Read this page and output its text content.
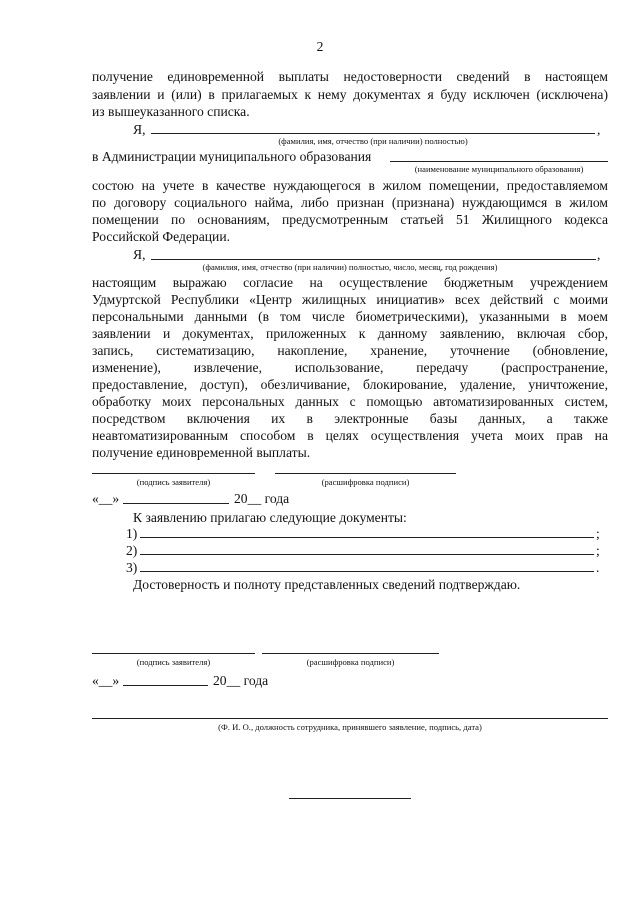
2
получение единовременной выплаты недостоверности сведений в настоящем
заявлении и (или) в прилагаемых к нему документах я буду исключен (исключена)
из вышеуказанного списка.
Я,	,
(фамилия, имя, отчество (при наличии) полностью)
в Администрации муниципального образования
(наименование муниципального образования)
состою на учете в качестве нуждающегося в жилом помещении, предоставляемом
по договору социального найма, либо признан (признана) нуждающимся в жилом
помещении по основаниям, предусмотренным статьей 51 Жилищного кодекса
Российской Федерации.
Я,	,
(фамилия, имя, отчество (при наличии) полностью, число, месяц, год рождения)
настоящим выражаю согласие на осуществление бюджетным учреждением
Удмуртской Республики «Центр жилищных инициатив» всех действий с моими
персональными данными (в том числе биометрическими), указанными в моем
заявлении и документах, приложенных к данному заявлению, включая сбор,
запись, систематизацию, накопление, хранение, уточнение (обновление,
изменение), извлечение, использование, передачу (распространение,
предоставление, доступ), обезличивание, блокирование, удаление, уничтожение,
обработку моих персональных данных с помощью автоматизированных систем,
посредством включения их в электронные базы данных, а также
неавтоматизированным способом в целях осуществления учета моих прав на
получение единовременной выплаты.
(подпись заявителя)	(расшифровка подписи)
«__»	20__ года
К заявлению прилагаю следующие документы:
1)	;
2)	;
3)	.
Достоверность и полноту представленных сведений подтверждаю.
(подпись заявителя)	(расшифровка подписи)
«__»	20__ года
(Ф. И. О., должность сотрудника, принявшего заявление, подпись, дата)
